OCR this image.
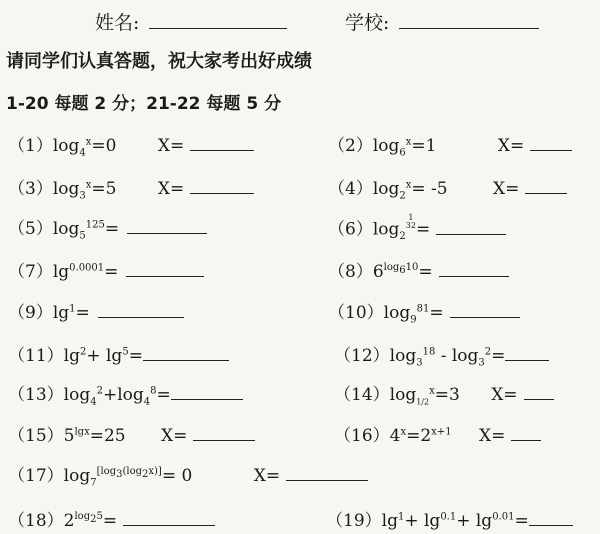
姓名:	学校:
请同学们认真答题，祝大家考出好成绩
1-20 每题 2 分；21-22 每题 5 分
$(1)\log_4^x=0$ X=	$(2)\log_6^x=1$	X=
$(3)\log_3^x=5$ X=	$(4)\log_2^x= -5$	X=
$(5)\log_5^{125}=$	$(6)\log_2^{1 32}=$
$(7)\lg^{0.0001}=$	$(8)6^{log_610}=$
$(9)\lg^1=$	$(10)\log_9^{81}=$
$(11)\lg^2+ \lg^5=$	$(12)\log_3^{18} - \log_3^2=$
$(13)\log_4^2+\log_4^8=$	$(14)\log_{1/2}^x=3$ X=
$(15)5^{lgx}=25$ X=	$(16)4^x=2^{x+1}$ X=
$(17)\log_7[\log 3(\log 2x)]= 0$	X=
$(18)2^{log_25}=$	$(19)\lg^1+ \lg^{0.1}+ \lg^{0.01}=$
